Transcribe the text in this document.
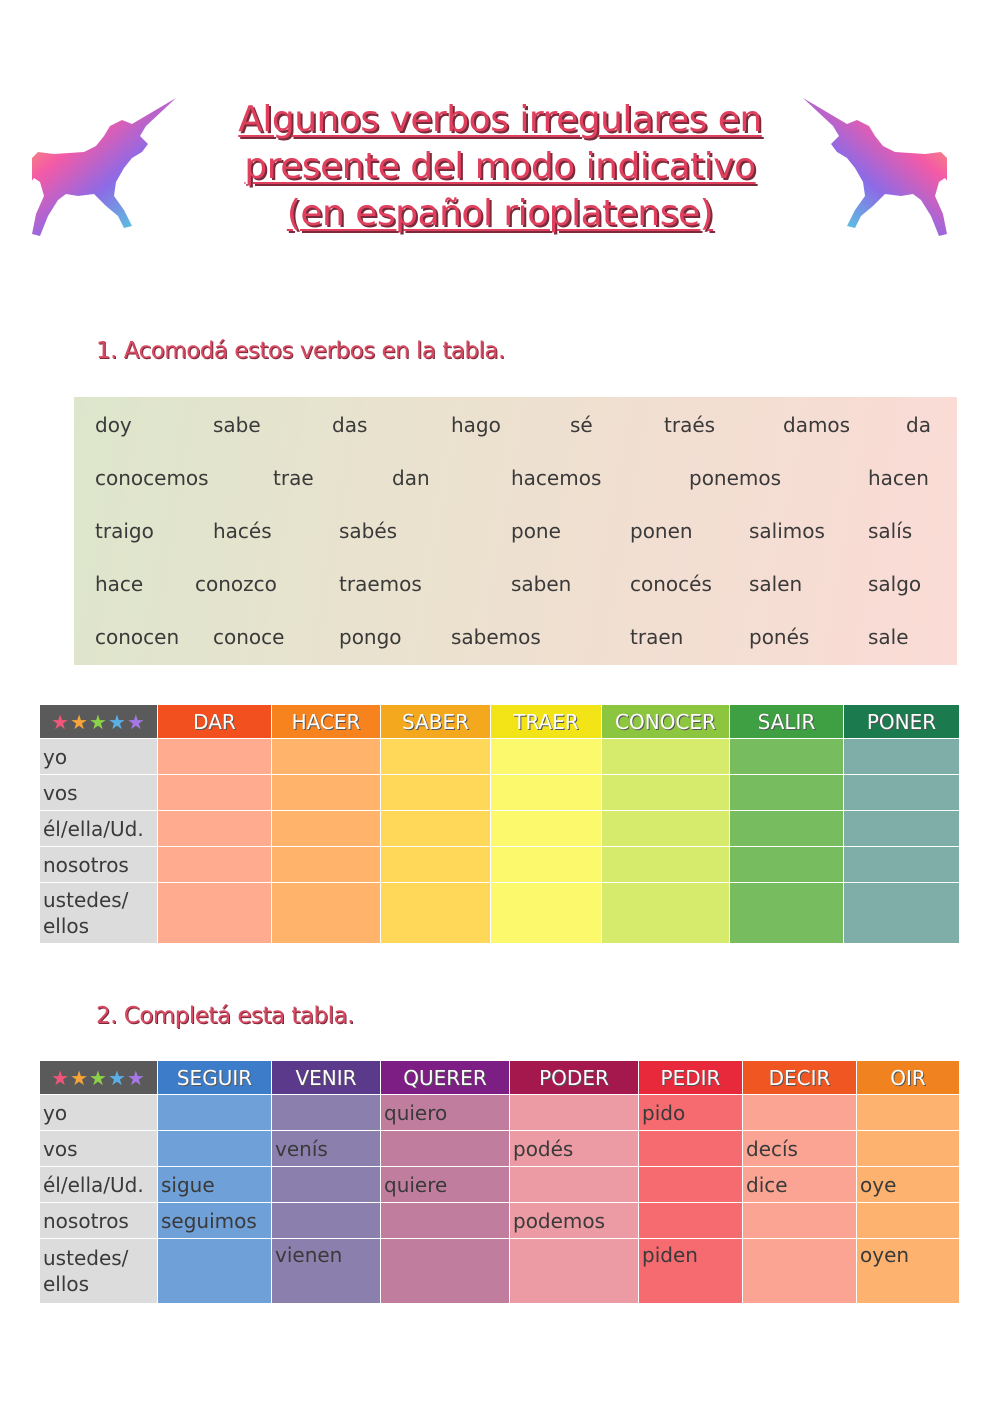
Algunos verbos irregulares en
presente del modo indicativo
(en español rioplatense)
1. Acomodá estos verbos en la tabla.
doy	sabe	das	hago	sé	traés	damos	da
conocemos	trae	dan	hacemos	ponemos	hacen
traigo	hacés	sabés	pone	ponen	salimos salís
hace	conozco	traemos	saben	conocés salen	salgo
conocen conoce	pongo sabemos	traen	ponés	sale
★★★★★	DAR	HACER	SABER	TRAER	CONOCER	SALIR	PONER
yo							
vos							
él/ella/Ud.							
nosotros							
ustedes/ ellos							
2. Completá esta tabla.
★★★★★	SEGUIR	VENIR	QUERER	PODER	PEDIR	DECIR	OIR
yo			quiero		pido		
vos		venís		podés		decís	
él/ella/Ud.	sigue		quiere			dice	oye
nosotros	seguimos			podemos			
ustedes/ ellos		vienen			piden		oyen
